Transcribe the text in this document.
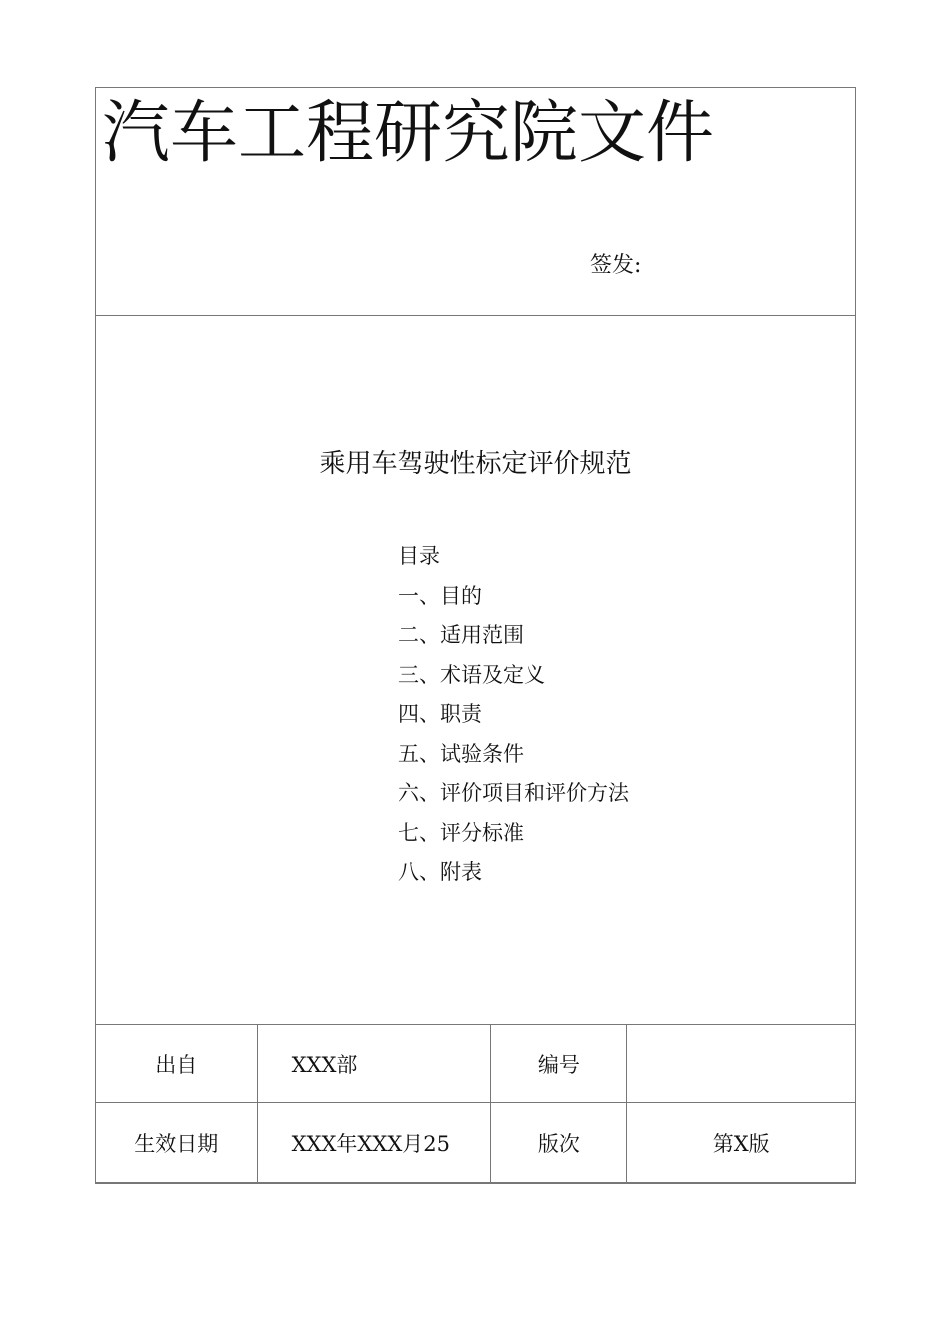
汽车工程研究院文件
签发:
乘用车驾驶性标定评价规范
目录
一、目的
二、适用范围
三、术语及定义
四、职责
五、试验条件
六、评价项目和评价方法
七、评分标准
八、附表
出自	XXX部	编号	
生效日期	XXX年XXX月25	版次	第X版
